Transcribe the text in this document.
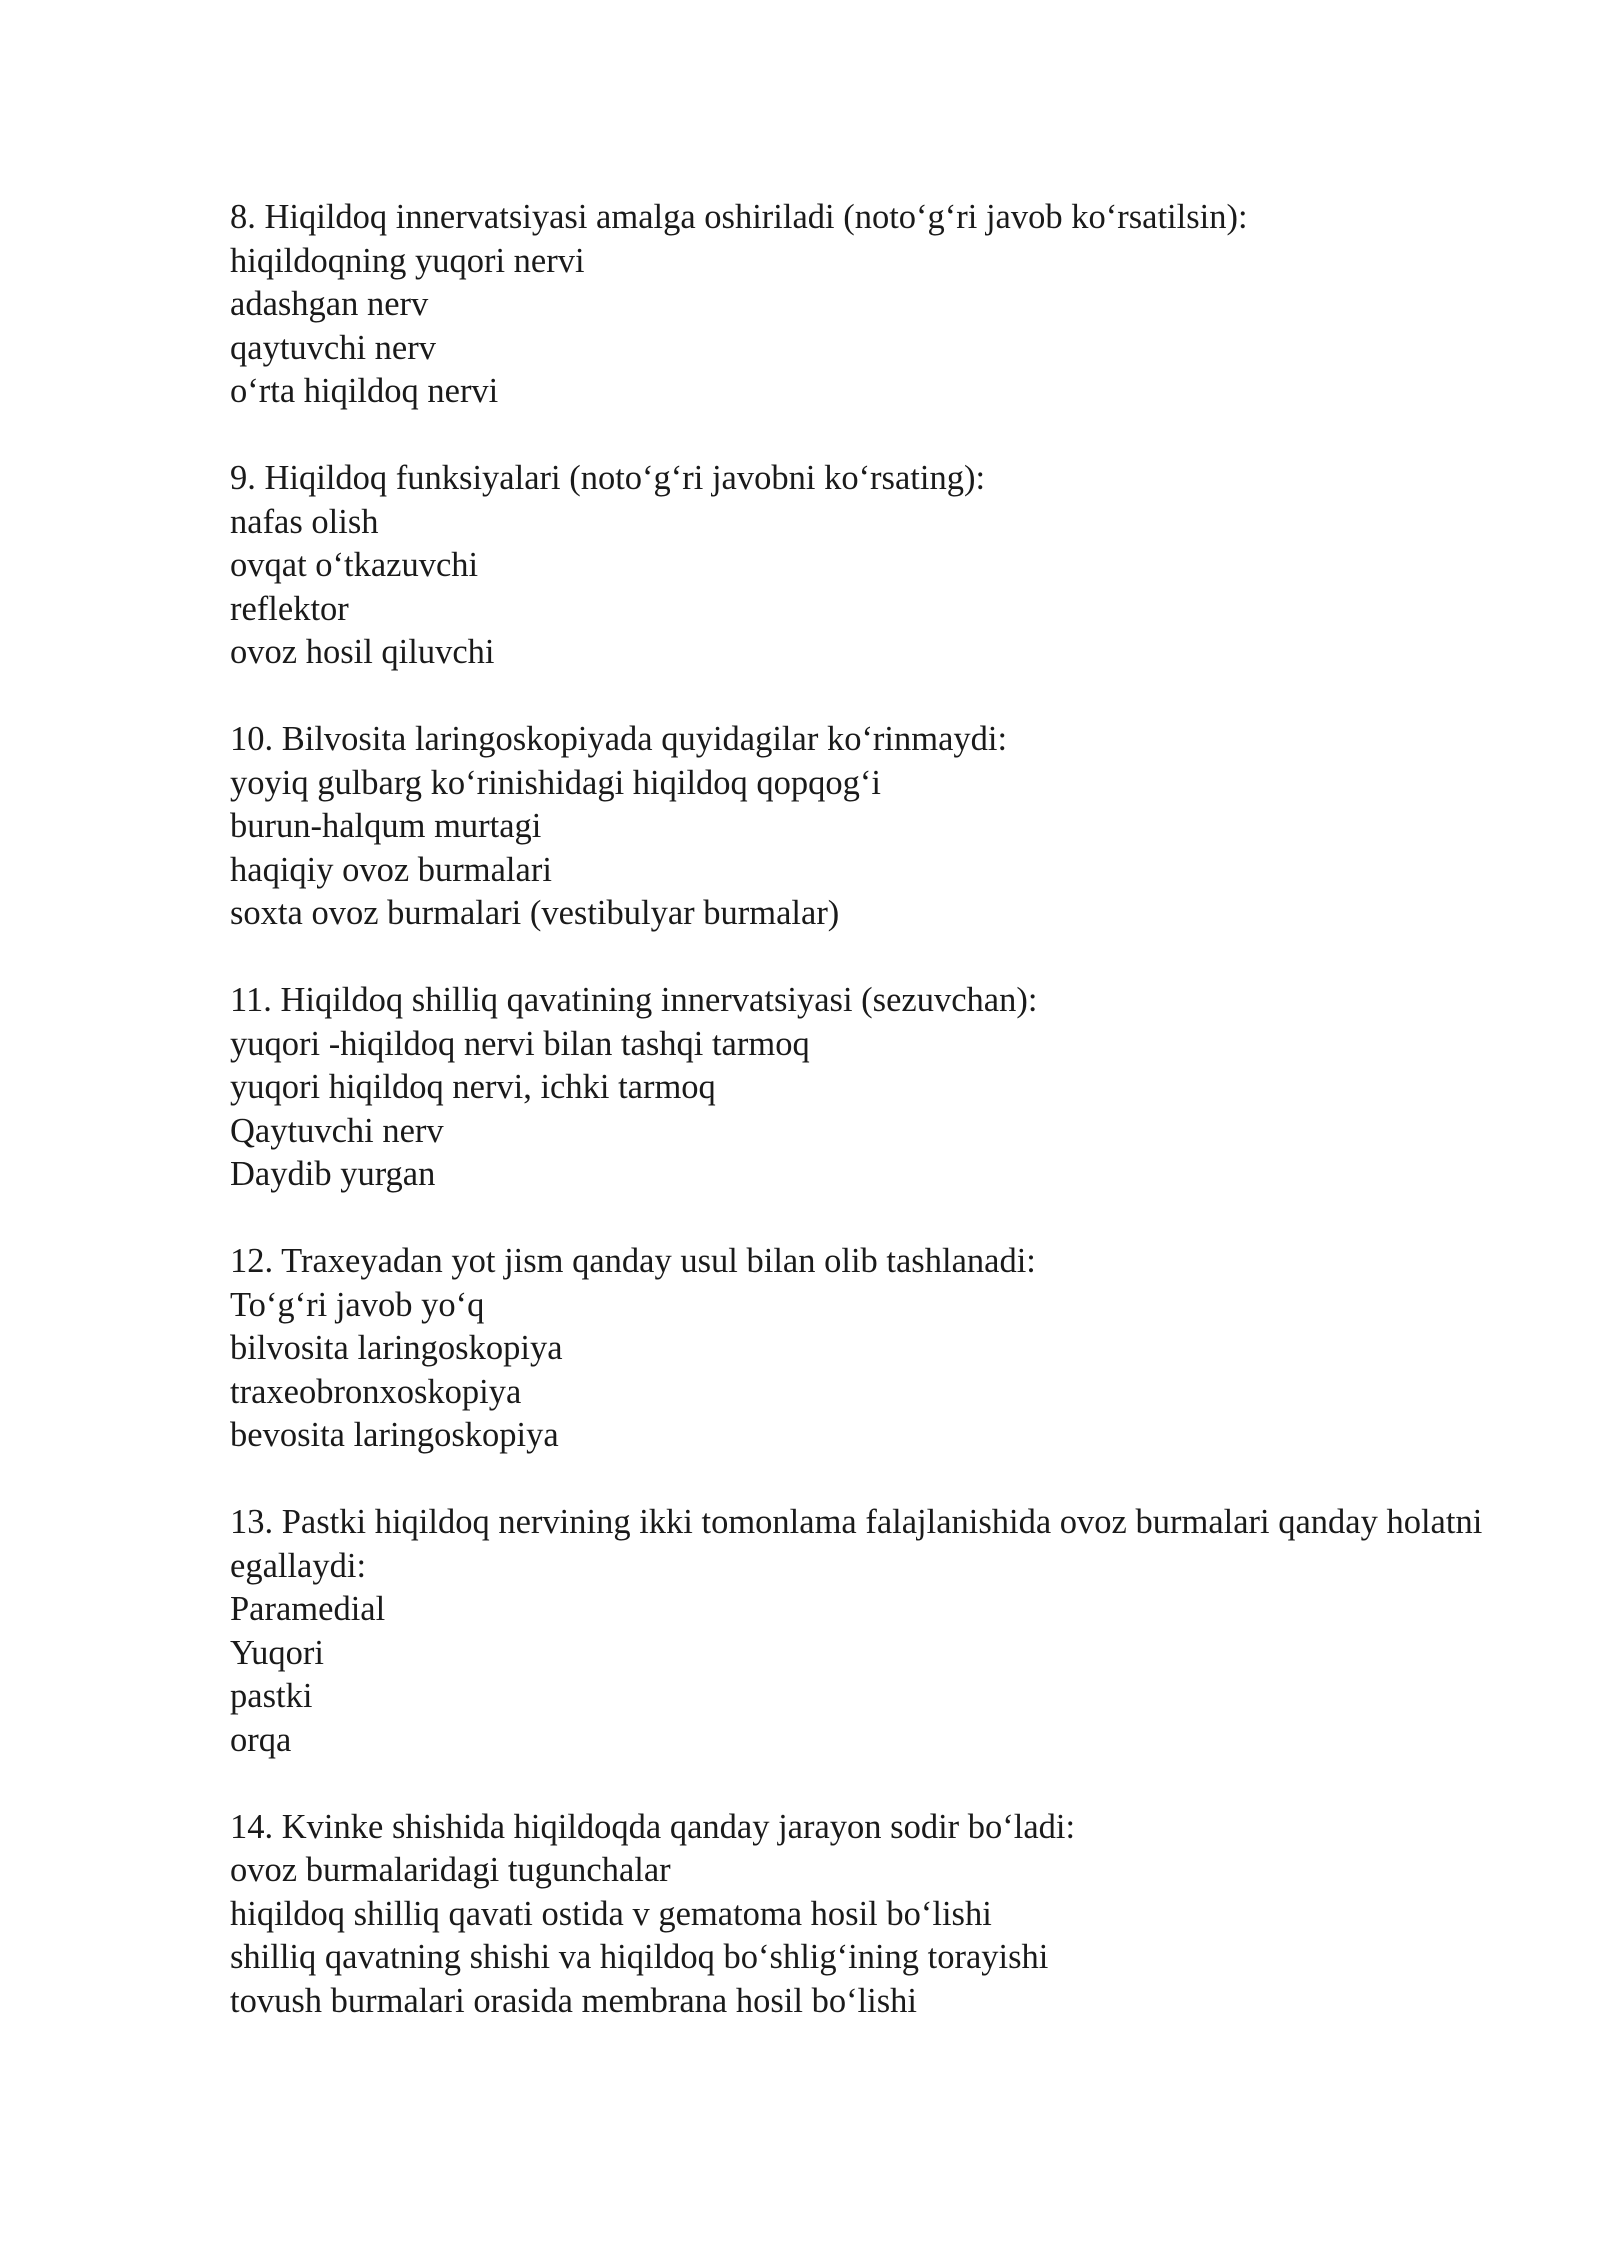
8. Hiqildoq innervatsiyasi amalga oshiriladi (noto‘g‘ri javob ko‘rsatilsin):

hiqildoqning yuqori nervi
adashgan nerv
qaytuvchi nerv
o‘rta hiqildoq nervi

9. Hiqildoq funksiyalari (noto‘g‘ri javobni ko‘rsating):

nafas olish
ovqat o‘tkazuvchi
reflektor
ovoz hosil qiluvchi

10. Bilvosita laringoskopiyada quyidagilar ko‘rinmaydi:

yoyiq gulbarg ko‘rinishidagi hiqildoq qopqog‘i
burun-halqum murtagi
haqiqiy ovoz burmalari
soxta ovoz burmalari (vestibulyar burmalar)

11. Hiqildoq shilliq qavatining innervatsiyasi (sezuvchan):

yuqori -hiqildoq nervi bilan tashqi tarmoq
yuqori hiqildoq nervi, ichki tarmoq
Qaytuvchi nerv
Daydib yurgan

12. Traxeyadan yot jism qanday usul bilan olib tashlanadi:

To‘g‘ri javob yo‘q
bilvosita laringoskopiya
traxeobronxoskopiya
bevosita laringoskopiya

13. Pastki hiqildoq nervining ikki tomonlama falajlanishida ovoz burmalari qanday holatni egallaydi:

Paramedial
Yuqori
pastki
orqa

14. Kvinke shishida hiqildoqda qanday jarayon sodir bo‘ladi:

ovoz burmalaridagi tugunchalar
hiqildoq shilliq qavati ostida v gematoma hosil bo‘lishi
shilliq qavatning shishi va hiqildoq bo‘shlig‘ining torayishi
tovush burmalari orasida membrana hosil bo‘lishi
